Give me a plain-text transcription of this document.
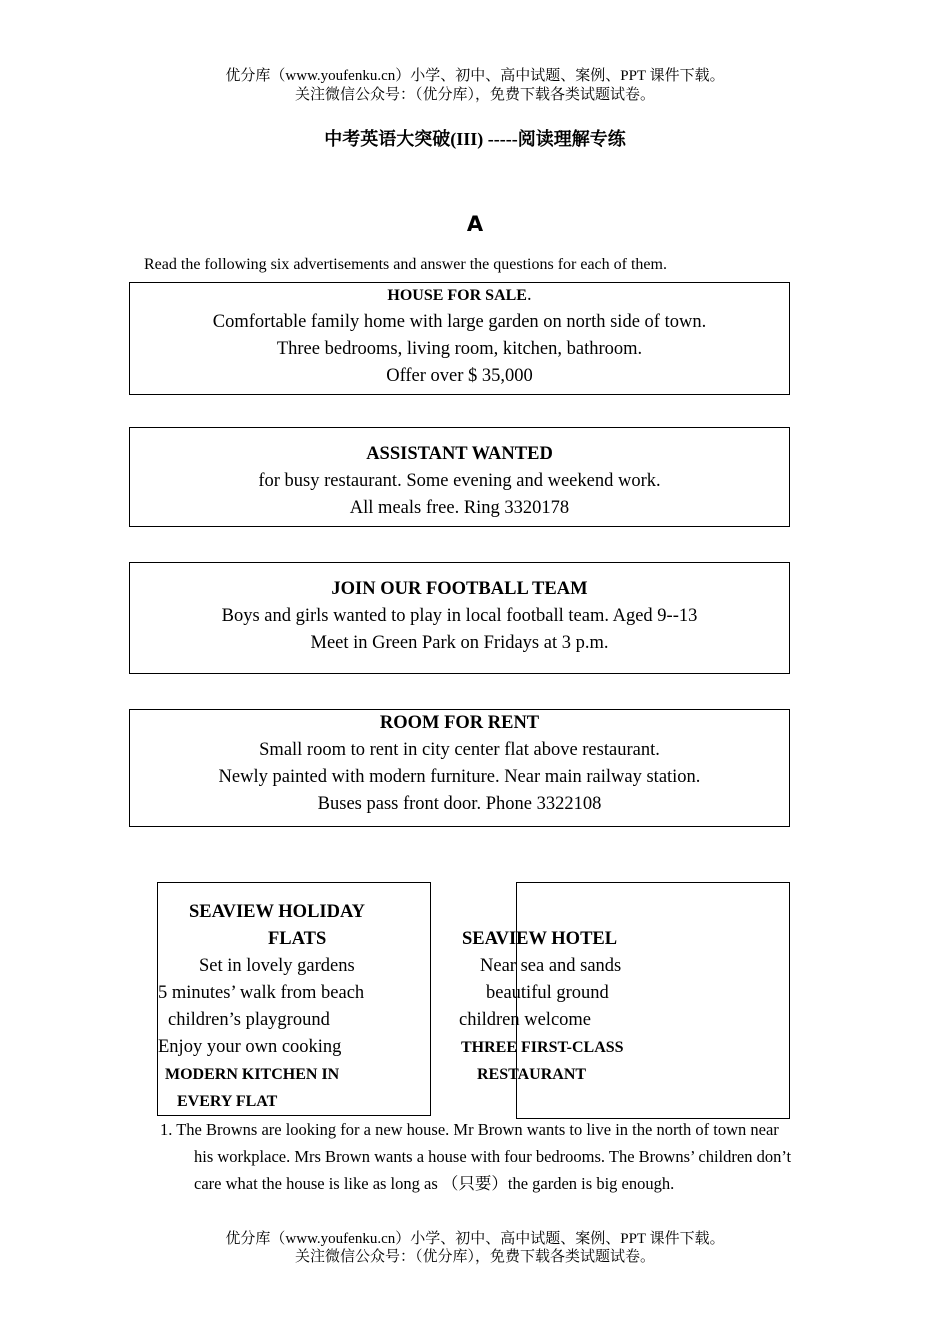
优分库（www.youfenku.cn）小学、初中、高中试题、案例、PPT 课件下载。
关注微信公众号：（优分库），免费下载各类试题试卷。
中考英语大突破(III) -----阅读理解专练
A
Read the following six advertisements and answer the questions for each of them.
HOUSE FOR SALE.
Comfortable family home with large garden on north side of town.
Three bedrooms, living room, kitchen, bathroom.
Offer over $ 35,000
ASSISTANT WANTED
for busy restaurant. Some evening and weekend work.
All meals free. Ring 3320178
JOIN OUR FOOTBALL TEAM
Boys and girls wanted to play in local football team. Aged 9--13
Meet in Green Park on Fridays at 3 p.m.
ROOM FOR RENT
Small room to rent in city center flat above restaurant.
Newly painted with modern furniture. Near main railway station.
Buses pass front door. Phone 3322108
SEAVIEW HOLIDAY
FLATS
Set in lovely gardens
5 minutes’ walk from beach
children’s playground
Enjoy your own cooking
MODERN KITCHEN IN
EVERY FLAT
SEAVIEW HOTEL
Near sea and sands
beautiful ground
children welcome
THREE FIRST-CLASS
RESTAURANT
1. The Browns are looking for a new house. Mr Brown wants to live in the north of town near
his workplace. Mrs Brown wants a house with four bedrooms. The Browns’ children don’t
care what the house is like as long as （只要）the garden is big enough.
优分库（www.youfenku.cn）小学、初中、高中试题、案例、PPT 课件下载。
关注微信公众号：（优分库），免费下载各类试题试卷。
